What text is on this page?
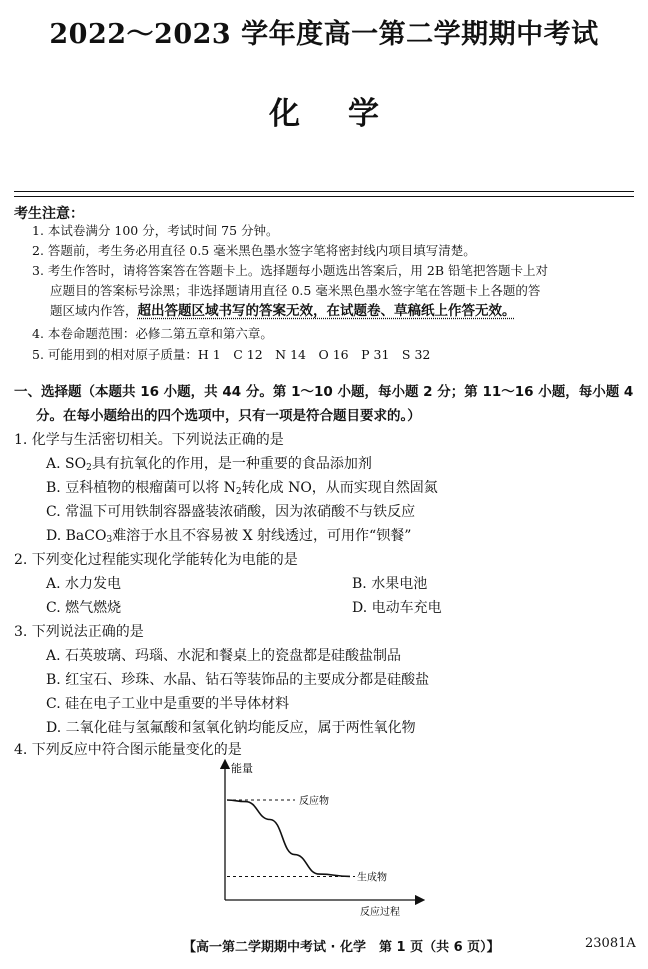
2022～2023 学年度高一第二学期期中考试
化学
考生注意：
1. 本试卷满分 100 分，考试时间 75 分钟。
2. 答题前，考生务必用直径 0.5 毫米黑色墨水签字笔将密封线内项目填写清楚。
3. 考生作答时，请将答案答在答题卡上。选择题每小题选出答案后，用 2B 铅笔把答题卡上对
应题目的答案标号涂黑；非选择题请用直径 0.5 毫米黑色墨水签字笔在答题卡上各题的答
题区域内作答，超出答题区域书写的答案无效，在试题卷、草稿纸上作答无效。
4. 本卷命题范围：必修二第五章和第六章。
5. 可能用到的相对原子质量：H 1　C 12　N 14　O 16　P 31　S 32
一、选择题（本题共 16 小题，共 44 分。第 1～10 小题，每小题 2 分；第 11～16 小题，每小题 4
分。在每小题给出的四个选项中，只有一项是符合题目要求的。）
1. 化学与生活密切相关。下列说法正确的是
A. $SO_2$具有抗氧化的作用，是一种重要的食品添加剂
B. 豆科植物的根瘤菌可以将 $N_2$转化成 NO，从而实现自然固氮
C. 常温下可用铁制容器盛装浓硝酸，因为浓硝酸不与铁反应
D. BaCO$_3$难溶于水且不容易被 X 射线透过，可用作“钡餐”
2. 下列变化过程能实现化学能转化为电能的是
A. 水力发电	B. 水果电池
C. 燃气燃烧	D. 电动车充电
3. 下列说法正确的是
A. 石英玻璃、玛瑙、水泥和餐桌上的瓷盘都是硅酸盐制品
B. 红宝石、珍珠、水晶、钻石等装饰品的主要成分都是硅酸盐
C. 硅在电子工业中是重要的半导体材料
D. 二氧化硅与氢氟酸和氢氧化钠均能反应，属于两性氧化物
4. 下列反应中符合图示能量变化的是
能量
反应过程
反应物
生成物
【高一第二学期期中考试 · 化学　第 1 页（共 6 页）】	23081A
